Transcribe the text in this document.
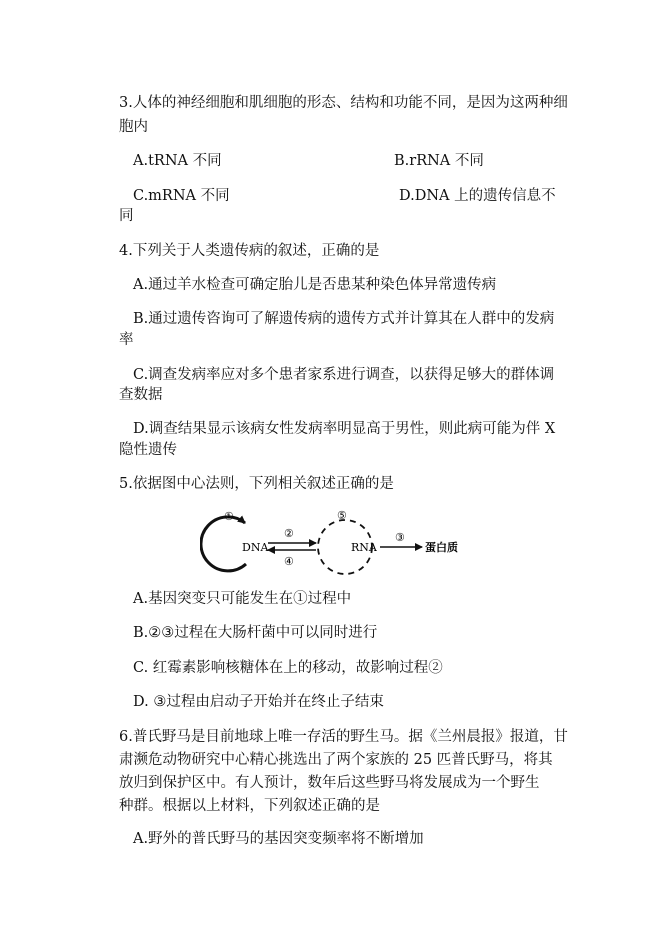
3.人体的神经细胞和肌细胞的形态、结构和功能不同，是因为这两种细
胞内
A.tRNA 不同	B.rRNA 不同
C.mRNA 不同	D.DNA 上的遗传信息不
同
4.下列关于人类遗传病的叙述，正确的是
A.通过羊水检查可确定胎儿是否患某种染色体异常遗传病
B.通过遗传咨询可了解遗传病的遗传方式并计算其在人群中的发病
率
C.调查发病率应对多个患者家系进行调查，以获得足够大的群体调
查数据
D.调查结果显示该病女性发病率明显高于男性，则此病可能为伴 X
隐性遗传
5.依据图中心法则，下列相关叙述正确的是
①
DNA
②
④
⑤
RNA
③
蛋白质
A.基因突变只可能发生在①过程中
B.②③过程在大肠杆菌中可以同时进行
C. 红霉素影响核糖体在上的移动，故影响过程②
D. ③过程由启动子开始并在终止子结束
6.普氏野马是目前地球上唯一存活的野生马。据《兰州晨报》报道，甘
肃濒危动物研究中心精心挑选出了两个家族的 25 匹普氏野马，将其
放归到保护区中。有人预计，数年后这些野马将发展成为一个野生
种群。根据以上材料，下列叙述正确的是
A.野外的普氏野马的基因突变频率将不断增加
